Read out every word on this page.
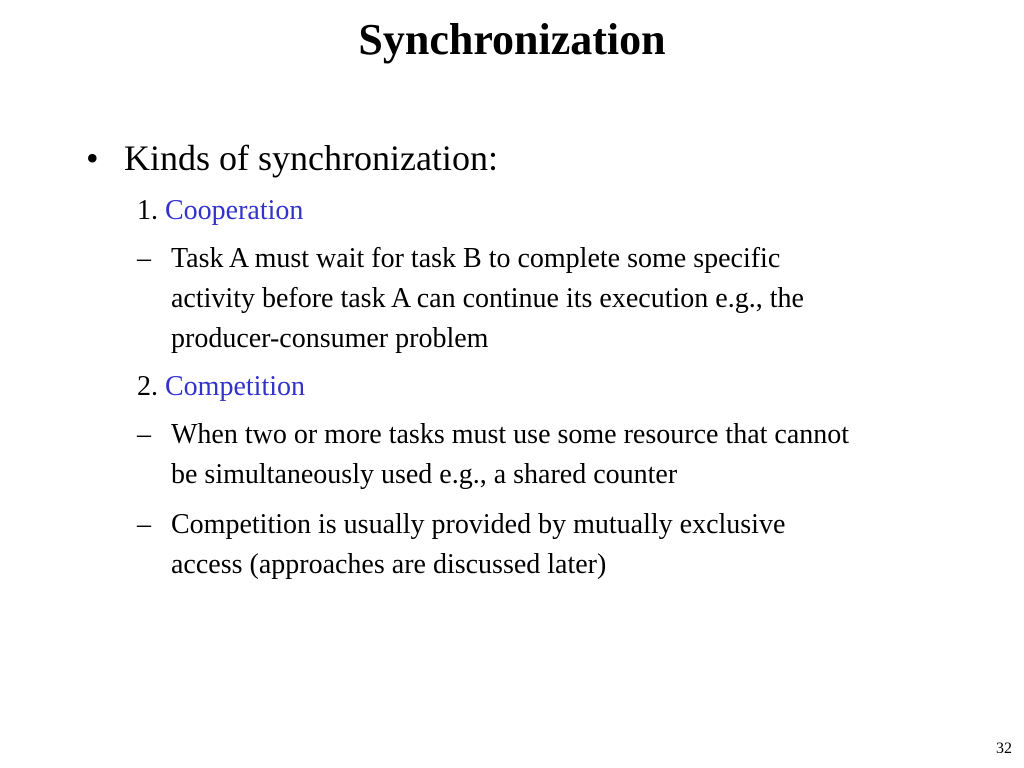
Synchronization
• Kinds of synchronization:
1. Cooperation
– Task A must wait for task B to complete some specific
activity before task A can continue its execution e.g., the
producer-consumer problem
2. Competition
– When two or more tasks must use some resource that cannot
be simultaneously used e.g., a shared counter
– Competition is usually provided by mutually exclusive
access (approaches are discussed later)
32
